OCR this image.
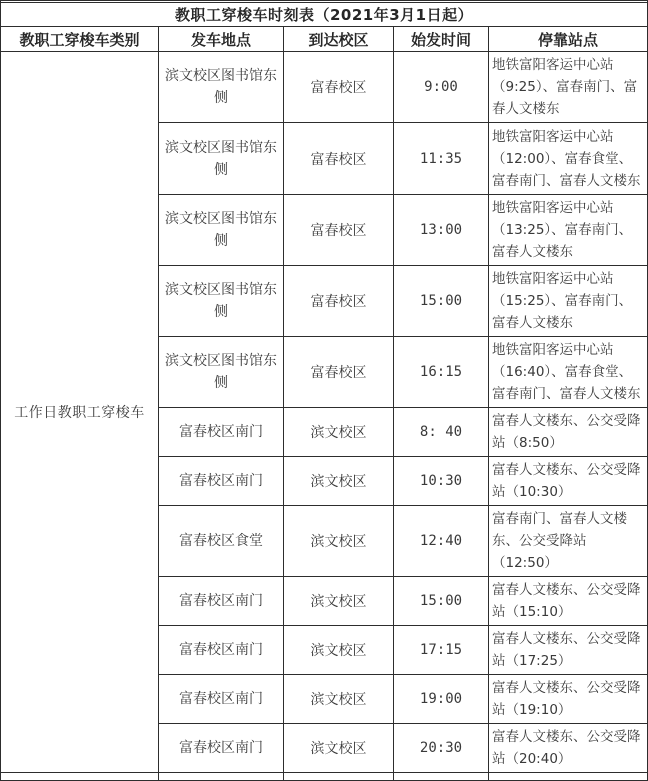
教职工穿梭车时刻表（2021年3月1日起）				
教职工穿梭车类别	发车地点	到达校区	始发时间	停靠站点
工作日教职工穿梭车	滨文校区图书馆东侧	富春校区	9:00	地铁富阳客运中心站（9:25）、富春南门、富春人文楼东
	滨文校区图书馆东侧	富春校区	11:35	地铁富阳客运中心站（12:00）、富春食堂、富春南门、富春人文楼东
	滨文校区图书馆东侧	富春校区	13:00	地铁富阳客运中心站（13:25）、富春南门、富春人文楼东
	滨文校区图书馆东侧	富春校区	15:00	地铁富阳客运中心站（15:25）、富春南门、富春人文楼东
	滨文校区图书馆东侧	富春校区	16:15	地铁富阳客运中心站（16:40）、富春食堂、富春南门、富春人文楼东
	富春校区南门	滨文校区	8: 40	富春人文楼东、公交受降站（8:50）
	富春校区南门	滨文校区	10:30	富春人文楼东、公交受降站（10:30）
	富春校区食堂	滨文校区	12:40	富春南门、富春人文楼东、公交受降站（12:50）
	富春校区南门	滨文校区	15:00	富春人文楼东、公交受降站（15:10）
	富春校区南门	滨文校区	17:15	富春人文楼东、公交受降站（17:25）
	富春校区南门	滨文校区	19:00	富春人文楼东、公交受降站（19:10）
	富春校区南门	滨文校区	20:30	富春人文楼东、公交受降站（20:40）
